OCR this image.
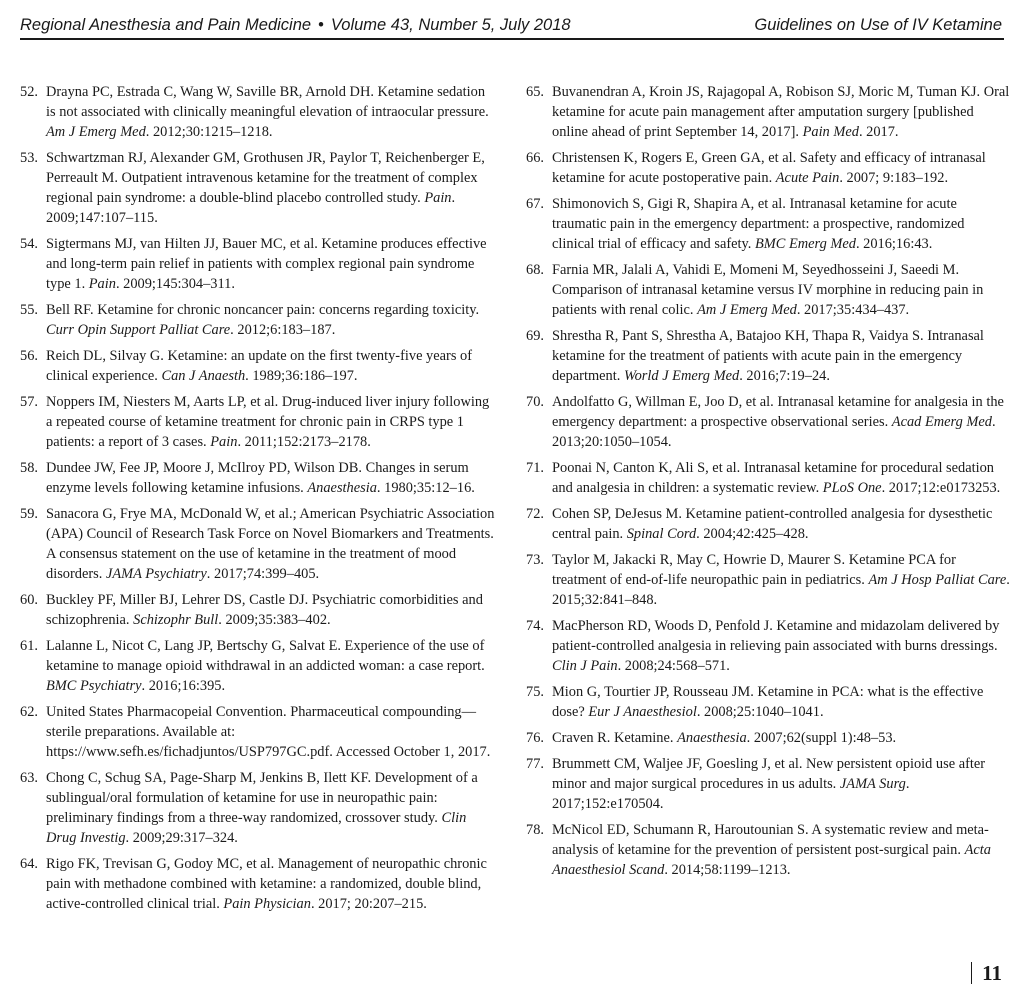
Regional Anesthesia and Pain Medicine • Volume 43, Number 5, July 2018	Guidelines on Use of IV Ketamine
52. Drayna PC, Estrada C, Wang W, Saville BR, Arnold DH. Ketamine sedation is not associated with clinically meaningful elevation of intraocular pressure. Am J Emerg Med. 2012;30:1215–1218.
53. Schwartzman RJ, Alexander GM, Grothusen JR, Paylor T, Reichenberger E, Perreault M. Outpatient intravenous ketamine for the treatment of complex regional pain syndrome: a double-blind placebo controlled study. Pain. 2009;147:107–115.
54. Sigtermans MJ, van Hilten JJ, Bauer MC, et al. Ketamine produces effective and long-term pain relief in patients with complex regional pain syndrome type 1. Pain. 2009;145:304–311.
55. Bell RF. Ketamine for chronic noncancer pain: concerns regarding toxicity. Curr Opin Support Palliat Care. 2012;6:183–187.
56. Reich DL, Silvay G. Ketamine: an update on the first twenty-five years of clinical experience. Can J Anaesth. 1989;36:186–197.
57. Noppers IM, Niesters M, Aarts LP, et al. Drug-induced liver injury following a repeated course of ketamine treatment for chronic pain in CRPS type 1 patients: a report of 3 cases. Pain. 2011;152:2173–2178.
58. Dundee JW, Fee JP, Moore J, McIlroy PD, Wilson DB. Changes in serum enzyme levels following ketamine infusions. Anaesthesia. 1980;35:12–16.
59. Sanacora G, Frye MA, McDonald W, et al.; American Psychiatric Association (APA) Council of Research Task Force on Novel Biomarkers and Treatments. A consensus statement on the use of ketamine in the treatment of mood disorders. JAMA Psychiatry. 2017;74:399–405.
60. Buckley PF, Miller BJ, Lehrer DS, Castle DJ. Psychiatric comorbidities and schizophrenia. Schizophr Bull. 2009;35:383–402.
61. Lalanne L, Nicot C, Lang JP, Bertschy G, Salvat E. Experience of the use of ketamine to manage opioid withdrawal in an addicted woman: a case report. BMC Psychiatry. 2016;16:395.
62. United States Pharmacopeial Convention. Pharmaceutical compounding—sterile preparations. Available at: https://www.sefh.es/fichadjuntos/USP797GC.pdf. Accessed October 1, 2017.
63. Chong C, Schug SA, Page-Sharp M, Jenkins B, Ilett KF. Development of a sublingual/oral formulation of ketamine for use in neuropathic pain: preliminary findings from a three-way randomized, crossover study. Clin Drug Investig. 2009;29:317–324.
64. Rigo FK, Trevisan G, Godoy MC, et al. Management of neuropathic chronic pain with methadone combined with ketamine: a randomized, double blind, active-controlled clinical trial. Pain Physician. 2017; 20:207–215.
65. Buvanendran A, Kroin JS, Rajagopal A, Robison SJ, Moric M, Tuman KJ. Oral ketamine for acute pain management after amputation surgery [published online ahead of print September 14, 2017]. Pain Med. 2017.
66. Christensen K, Rogers E, Green GA, et al. Safety and efficacy of intranasal ketamine for acute postoperative pain. Acute Pain. 2007; 9:183–192.
67. Shimonovich S, Gigi R, Shapira A, et al. Intranasal ketamine for acute traumatic pain in the emergency department: a prospective, randomized clinical trial of efficacy and safety. BMC Emerg Med. 2016;16:43.
68. Farnia MR, Jalali A, Vahidi E, Momeni M, Seyedhosseini J, Saeedi M. Comparison of intranasal ketamine versus IV morphine in reducing pain in patients with renal colic. Am J Emerg Med. 2017;35:434–437.
69. Shrestha R, Pant S, Shrestha A, Batajoo KH, Thapa R, Vaidya S. Intranasal ketamine for the treatment of patients with acute pain in the emergency department. World J Emerg Med. 2016;7:19–24.
70. Andolfatto G, Willman E, Joo D, et al. Intranasal ketamine for analgesia in the emergency department: a prospective observational series. Acad Emerg Med. 2013;20:1050–1054.
71. Poonai N, Canton K, Ali S, et al. Intranasal ketamine for procedural sedation and analgesia in children: a systematic review. PLoS One. 2017;12:e0173253.
72. Cohen SP, DeJesus M. Ketamine patient-controlled analgesia for dysesthetic central pain. Spinal Cord. 2004;42:425–428.
73. Taylor M, Jakacki R, May C, Howrie D, Maurer S. Ketamine PCA for treatment of end-of-life neuropathic pain in pediatrics. Am J Hosp Palliat Care. 2015;32:841–848.
74. MacPherson RD, Woods D, Penfold J. Ketamine and midazolam delivered by patient-controlled analgesia in relieving pain associated with burns dressings. Clin J Pain. 2008;24:568–571.
75. Mion G, Tourtier JP, Rousseau JM. Ketamine in PCA: what is the effective dose? Eur J Anaesthesiol. 2008;25:1040–1041.
76. Craven R. Ketamine. Anaesthesia. 2007;62(suppl 1):48–53.
77. Brummett CM, Waljee JF, Goesling J, et al. New persistent opioid use after minor and major surgical procedures in us adults. JAMA Surg. 2017;152:e170504.
78. McNicol ED, Schumann R, Haroutounian S. A systematic review and meta-analysis of ketamine for the prevention of persistent post-surgical pain. Acta Anaesthesiol Scand. 2014;58:1199–1213.
11
